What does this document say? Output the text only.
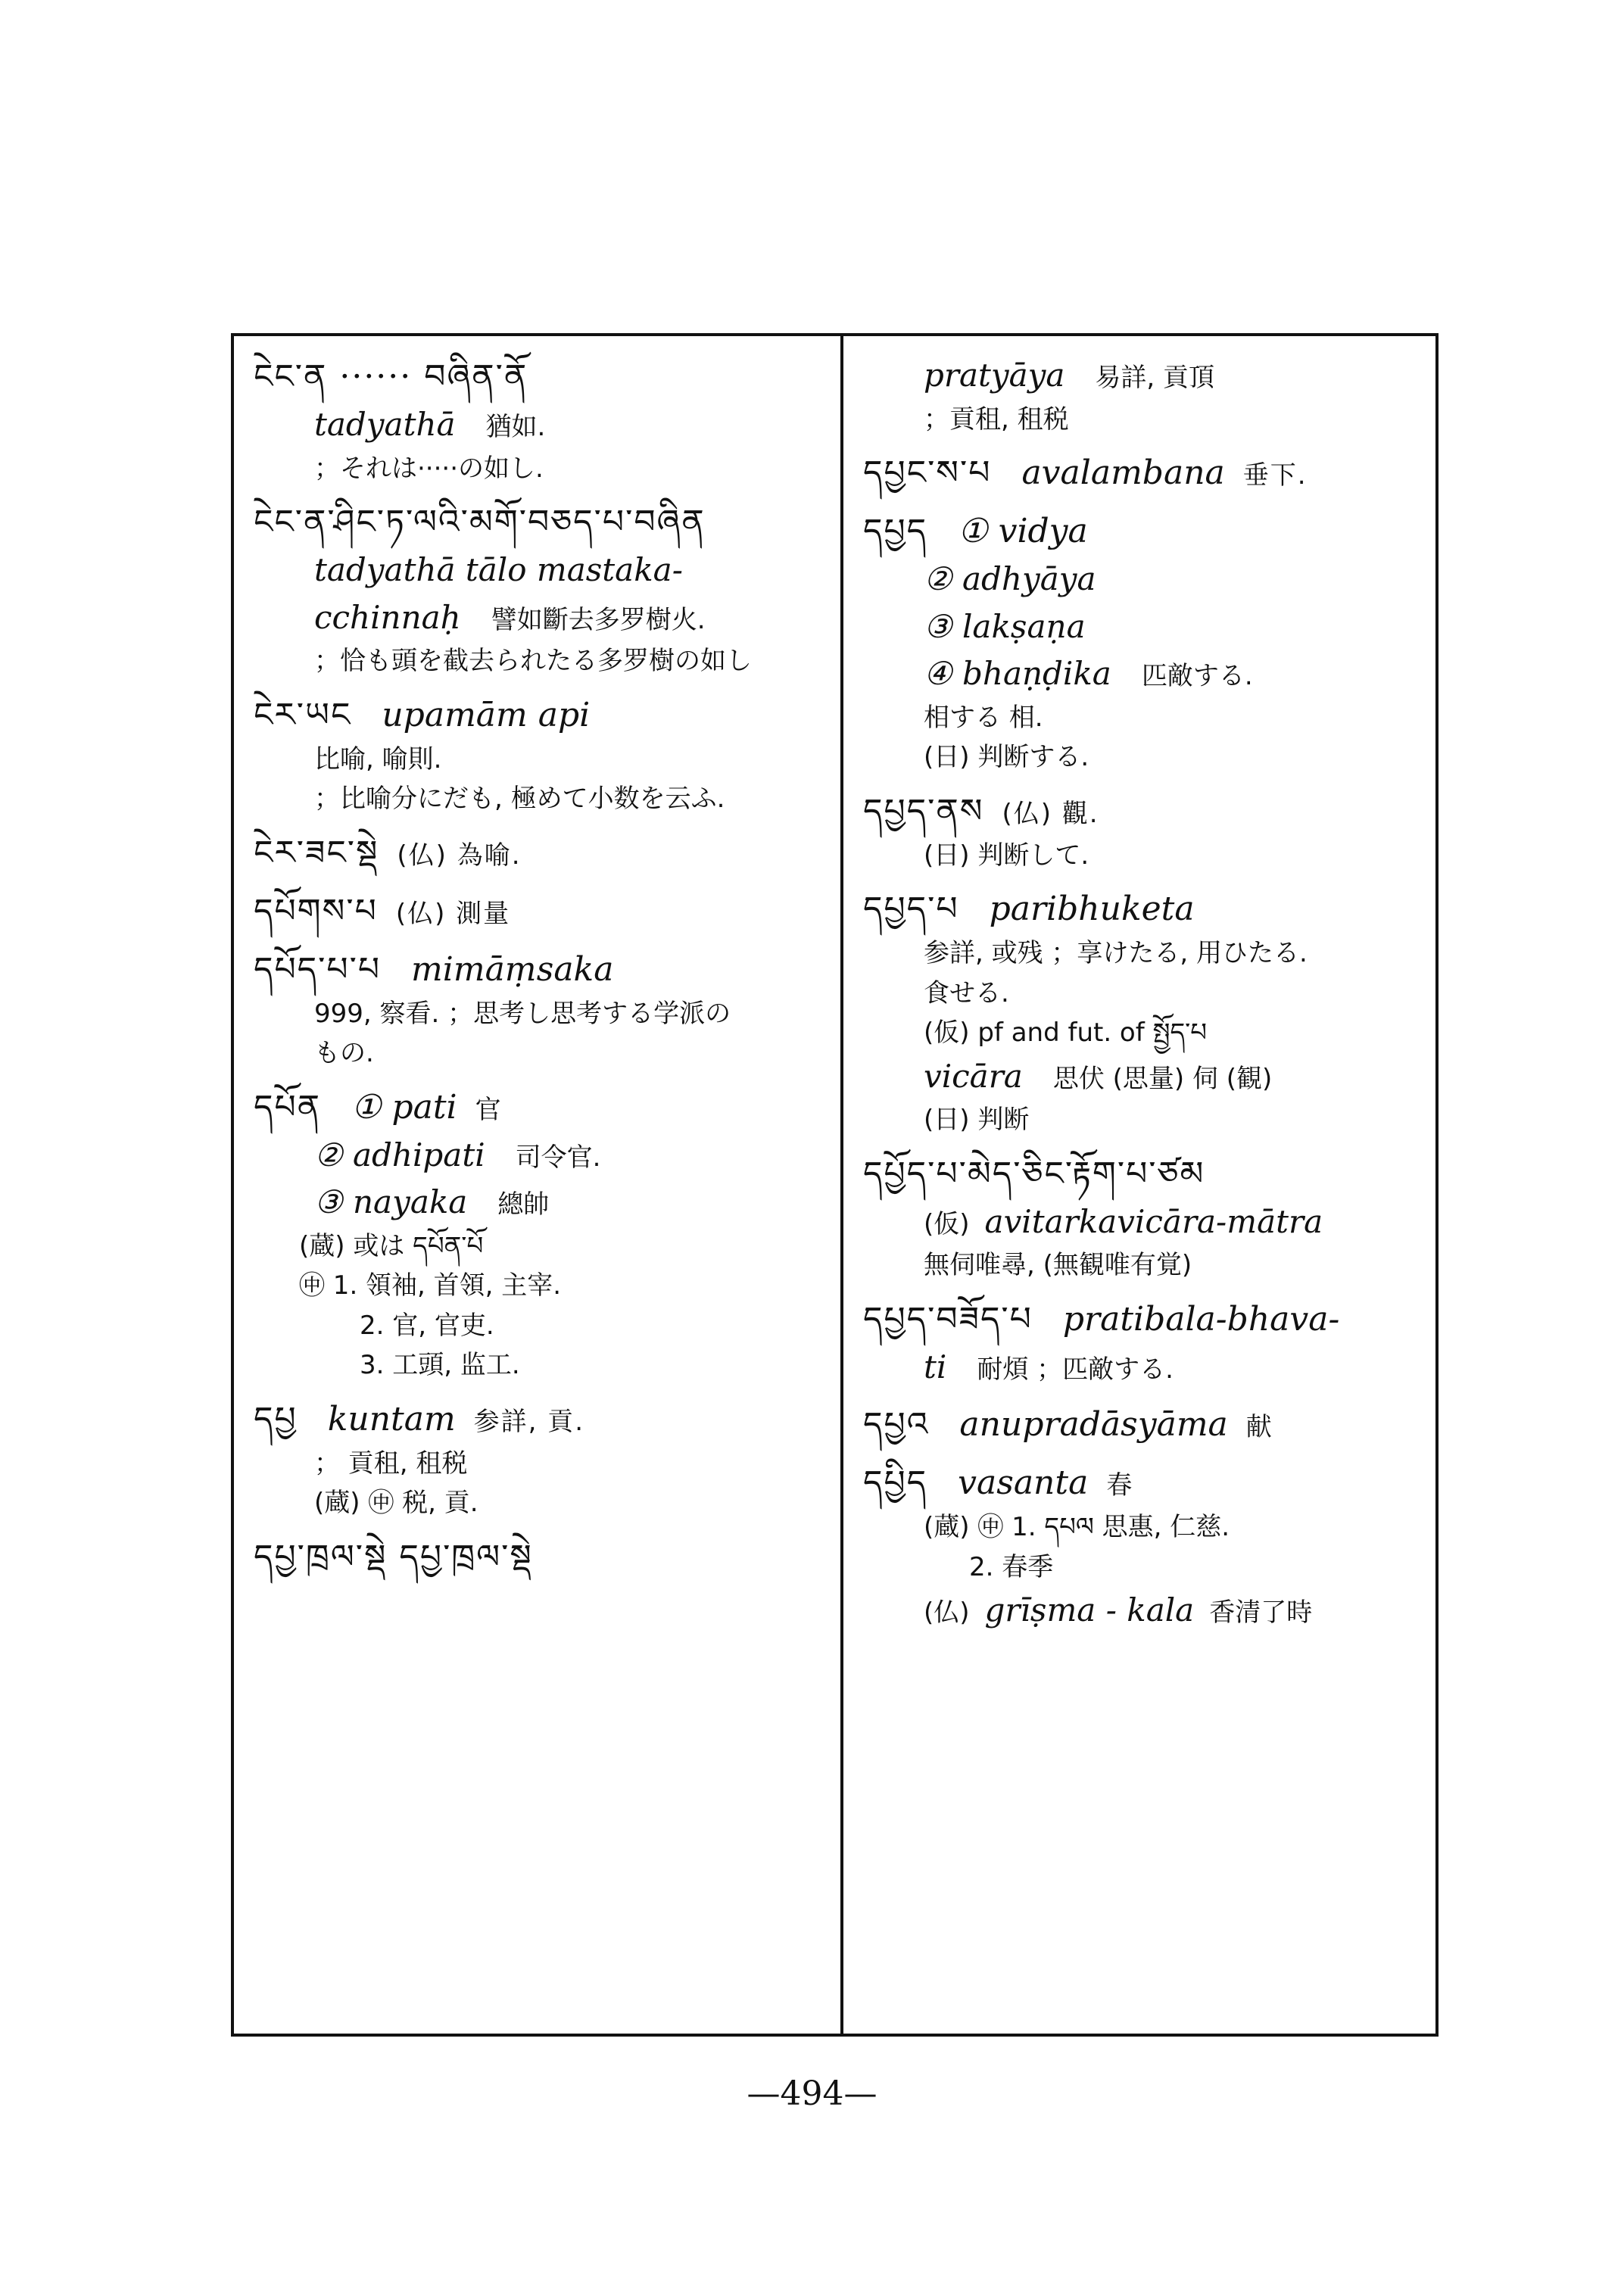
ངེང་ན ······ བཞིན་ནོ
tadyathā 猶如.
；それは·····の如し.
ངེང་ན་ཤིང་ཏ་ལའི་མགོ་བཅད་པ་བཞིན
tadyathā tālo mastaka-
cchinnaḥ 譬如斷去多罗樹火.
；恰も頭を截去られたる多罗樹の如し
ངེར་ཡང upamām api
比喻, 喻則.
；比喻分にだも, 極めて小数を云ふ.
ངེར་ཟང་སྡེ (仏) 為喻.
དཔོགས་པ (仏) 測量
དཔོད་པ་པ mimāṃsaka
999, 察看. ；思考し思考する学派の
もの.
དཔོན ① pati 官
② adhipati 司令官.
③ nayaka 總帥
(蔵) 或は དཔོན་པོ
㊥ 1. 領袖, 首領, 主宰.
2. 官, 官吏.
3. 工頭, 监工.
དཔྱ kuntam 参詳, 貢.
； 貢租, 租税
(蔵) ㊥ 税, 貢.
དཔྱ་ཁྲལ་སྡེ དཔྱ་ཁྲལ་སྡེ
pratyāya 易詳, 貢頂
；貢租, 租税
དཔྱང་ས་པ avalambana 垂下.
དཔྱད ① vidya
② adhyāya
③ lakṣaṇa
④ bhaṇḍika 匹敵する.
相する 相.
(日) 判断する.
དཔྱད་ནས (仏) 觀.
(日) 判断して.
དཔྱད་པ paribhuketa
参詳, 或残 ；享けたる, 用ひたる.
食せる.
(仮) pf and fut. of སྤྱོད་པ
vicāra 思伏 (思量) 伺 (観)
(日) 判断
དཔྱོད་པ་མེད་ཅིང་རྟོག་པ་ཙམ
(仮) avitarkavicāra-mātra
無伺唯尋, (無観唯有覚)
དཔྱད་བཟོད་པ pratibala-bhava-
ti 耐煩 ；匹敵する.
དཔྱའ anupradāsyāma 献
དཔྱིད vasanta 春
(蔵) ㊥ 1. དཔལ 思惠, 仁慈.
2. 春季
(仏) grīṣma - kala 香清了時
—494—
